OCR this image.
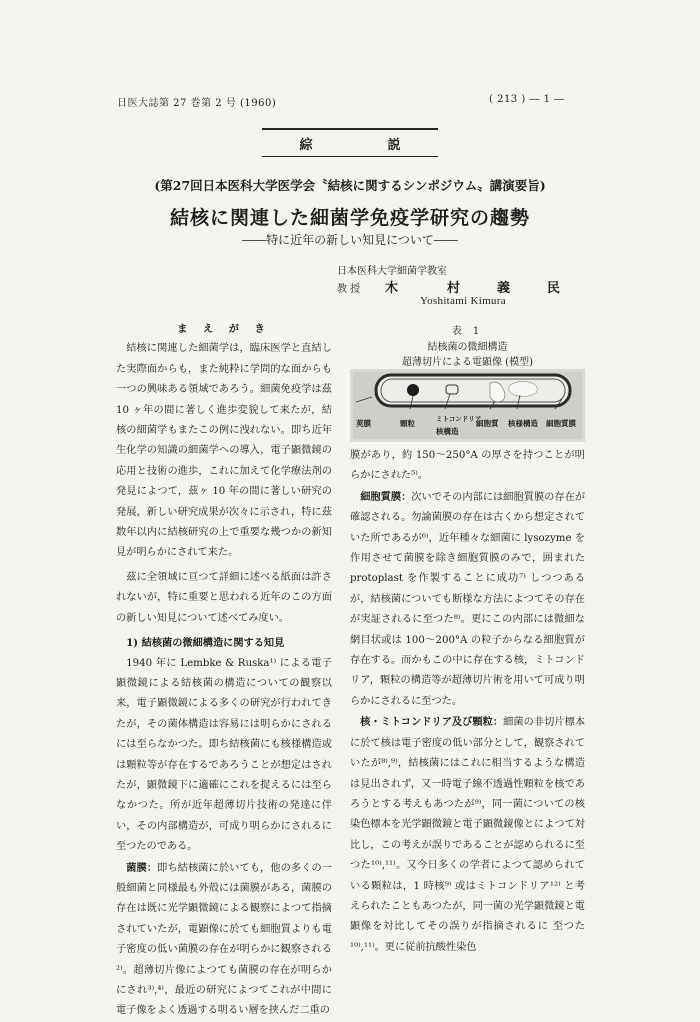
日医大誌第 27 巻第 2 号 (1960)	( 213 ) ― 1 ―
綜	説
(第27回日本医科大学医学会〝結核に関するシンポジウム〟講演要旨)
結核に関連した細菌学免疫学研究の趨勢
――特に近年の新しい知見について――
日本医科大学細菌学教室
教 授 木	村	義	民
Yoshitami Kimura

ま え が き

結核に関連した細菌学は，臨床医学と直結した実際面からも，また純粋に学問的な面からも一つの興味ある領域であろう。細菌免疫学は茲 10 ヶ年の間に著しく進歩変貌して来たが，結核の細菌学もまたこの例に洩れない。即ち近年生化学の知識の細菌学への導入，電子顕微鏡の応用と技術の進歩，これに加えて化学療法剤の発見によつて，茲ヶ 10 年の間に著しい研究の発展，新しい研究成果が次々に示され，特に茲数年以内に結核研究の上で重要な幾つかの新知見が明らかにされて来た。

茲に全領域に亘つて詳細に述べる紙面は許されないが，特に重要と思われる近年のこの方面の新しい知見について述べてみ度い。

1) 結核菌の微細構造に関する知見

1940 年に Lembke & Ruska¹⁾ による電子顕微鏡による結核菌の構造についての観察以来，電子顕微鏡による多くの研究が行われてきたが，その菌体構造は容易には明らかにされるには至らなかつた。即ち結核菌にも核様構造或は顆粒等が存在するであろうことが想定はされたが，顕微鏡下に適確にこれを捉えるには至らなかつた。所が近年超薄切片技術の発達に伴い，その内部構造が，可成り明らかにされるに至つたのである。

菌膜：即ち結核菌に於いても，他の多くの一般細菌と同様最も外殻には菌膜がある，菌膜の存在は既に光学顕微鏡による観察によつて指摘されていたが，電顕像に於ても細胞質よりも電子密度の低い菌膜の存在が明らかに観察される²⁾。超薄切片像によつても菌膜の存在が明らかにされ³⁾,⁴⁾，最近の研究によつてこれが中間に電子像をよく透過する明るい層を挟んだ二重の

表 1
結核菌の微細構造
超薄切片による電顕像 (模型)
莢膜	顆粒	ミトコンドリア
核構造
細胞質 核様構造 細胞質膜

膜があり，約 150〜250°A の厚さを持つことが明らかにされた⁵⁾。

細胞質膜：次いでその内部には細胞質膜の存在が確認される。勿論菌膜の存在は古くから想定されていた所であるが⁶⁾，近年種々な細菌に lysozyme を作用させて菌膜を除き細胞質膜のみで，囲まれた protoplast を作製することに成功⁷⁾ しつつあるが，結核菌についても断様な方法によつてその存在が実証されるに至つた⁸⁾。更にこの内部には微細な網目状或は 100〜200°A の粒子からなる細胞質が存在する。而かもこの中に存在する核，ミトコンドリア，顆粒の構造等が超薄切片術を用いて可成り明らかにされるに至つた。

核・ミトコンドリア及び顆粒：細菌の非切片標本に於て核は電子密度の低い部分として，観察されていたが⁸⁾,⁹⁾，結核菌にはこれに相当するような構造は見出されず，又一時電子線不透過性顆粒を核であろうとする考えもあつたが⁹⁾，同一菌についての核染色標本を光学顕微鏡と電子顕微鏡像とによつて対比し，この考えが誤りであることが認められるに至つた¹⁰⁾,¹¹⁾。又今日多くの学者によつて認められている顆粒は，1 時核⁹⁾ 或はミトコンドリア¹²⁾ と考えられたこともあつたが，同一菌の光学顕微鏡と電顕像を対比してその誤りが指摘されるに 至つた¹⁰⁾,¹¹⁾。更に従前抗酸性染色
